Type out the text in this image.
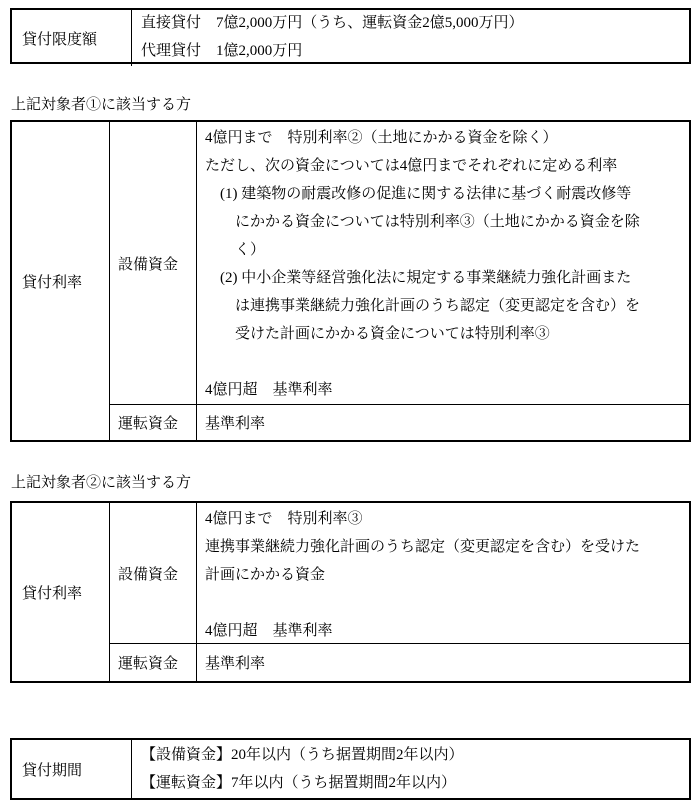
貸付限度額
直接貸付　7億2,000万円（うち、運転資金2億5,000万円）
代理貸付　1億2,000万円
上記対象者①に該当する方
貸付利率
設備資金
4億円まで　特別利率②（土地にかかる資金を除く）
ただし、次の資金については4億円までそれぞれに定める利率
(1) 建築物の耐震改修の促進に関する法律に基づく耐震改修等
にかかる資金については特別利率③（土地にかかる資金を除
く）
(2) 中小企業等経営強化法に規定する事業継続力強化計画また
は連携事業継続力強化計画のうち認定（変更認定を含む）を
受けた計画にかかる資金については特別利率③
4億円超　基準利率
運転資金 基準利率
上記対象者②に該当する方
貸付利率
設備資金
4億円まで　特別利率③
連携事業継続力強化計画のうち認定（変更認定を含む）を受けた
計画にかかる資金
4億円超　基準利率
運転資金 基準利率
貸付期間
【設備資金】20年以内（うち据置期間2年以内）
【運転資金】7年以内（うち据置期間2年以内）
